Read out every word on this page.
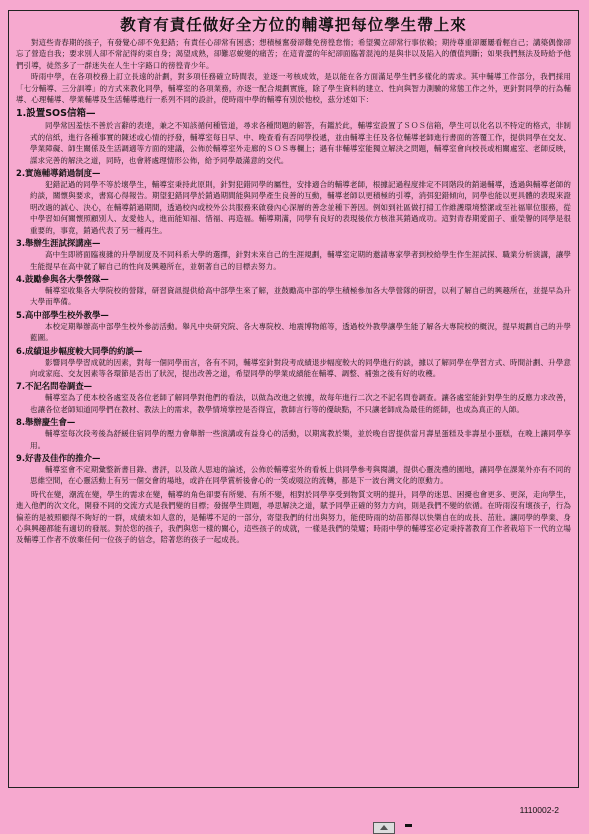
教育有責任做好全方位的輔導把每位學生帶上來

對這些青春期的孩子，有發覺心卻不免犯錯；有責任心卻常有困惑；想積極奮發卻難免徬徨怠惰；希望獨立卻常行事依賴；期待尊重卻屢屢看輕自己；講築偶像卻忘了營造自我；要求別人卻不常記得約束自身；渴望成熟，卻難忍蛻變的痛苦；在這青澀的年紀卻面臨著混沌的是與非以及陷入的價值判斷；如果我們無法及時給予他們引導，徒然多了一群迷失在人生十字路口的徬徨青少年。

時雨中學，在各項校務上訂立長遠的計劃，對多項任務確立時間表，並逐一考核成效，是以能在各方面滿足學生們多樣化的需求。其中輔導工作部分，我們採用「七分輔導、三分訓導」的方式來教化同學，輔導室的各項業務，亦逐一配合規劃實施，除了學生資料的建立、性向與智力測驗的常態工作之外，更針對同學的行為輔導、心理輔導、學業輔導及生活輔導進行一系列不同的設計，使時雨中學的輔導有別於他校，茲分述如下：

1.設置SOS信箱—

同學常因羞怯不善於言辭的表達，兼之不知該循何種管道，尋求各種問題的解答，有鑑於此，輔導室設置了ＳＯＳ信箱，學生可以化名以不特定的格式，非制式的信紙，進行各種事實的陳述或心情的抒發，輔導室每日早、中、晚查看有否同學投遞，並由輔導主任及各位輔導老師進行書面的答覆工作，提供同學在交友、學業障礙、師生關係及生活調適等方面的建議，公佈於輔導室外走廊的ＳＯＳ專欄上；遇有非輔導室能獨立解決之問題，輔導室會向校長或相關處室、老師反映，謀求完善的解決之道，同時，也會將處理情形公佈，給予同學最滿意的交代。

2.實施輔導銷過制度—

犯錯記過的同學不等於壞學生，輔導室秉持此原則，針對犯錯同學的屬性，安排適合的輔導老師，根據記過程度排定不同階段的銷過輔導，透過與輔導老師的約談，關懷與要求，書寫心得報告。期望犯錯同學於銷過期間能與同學產生良善的互動，輔導老師以更積極的引導，消弭犯錯傾向，同學也能以更具體的表現來證明改過的誠心、決心，在輔導銷過期間，透過校內或校外公共服務來啟發內心深層的善念並種下善因。例如到社區做打掃工作維護環境整潔或至社福單位服務，從中學習如何關懷照顧別人、友愛他人，進而能知福、惜福、再造福。輔導期滿，同學有良好的表現後依方核准其銷過成功。這對青春期愛面子、重榮譽的同學是很重要的，事竟，銷過代表了另一種再生。

3.舉辦生涯試探講座—

高中生即將面臨複雜的升學制度及不同科系大學的選擇，針對未來自己的生涯規劃，輔導室定期的邀請專家學者到校給學生作生涯試探、職業分析演講，讓學生能提早在高中就了解自己的性向及興趣所在，並朝著自己的目標去努力。

4.鼓勵參與各大學營隊—

輔導室收集各大學院校的營隊，研習資訊提供給高中部學生來了解，並鼓勵高中部的學生積極參加各大學營隊的研習，以利了解自己的興趣所在，並提早為升大學而準備。

5.高中部學生校外教學—

本校定期舉辦高中部學生校外參訪活動。舉凡中央研究院、各大專院校、地震博物館等，透過校外教學讓學生能了解各大專院校的概況，提早規劃自己的升學藍圖。

6.成績退步幅度較大同學的約談—

影響同學學習成就的因素，對每一個同學而言，各有不同，輔導室針對段考成績退步幅度較大的同學進行約談，據以了解同學在學習方式、時間計劃、升學意向或家庭、交友因素等各環節是否出了狀況，提出改善之道，希望同學的學業成績能在輔導、調整、補強之後有好的收穫。

7.不記名問卷調查—

輔導室為了使本校各處室及各位老師了解同學對他們的看法，以做為改進之依據，故每年進行二次之不記名問卷調查。讓各處室能針對學生的反應力求改善，也讓各位老師知道同學們在教材、教法上的需求，教學情境掌控是否得宜，教師言行等的優缺點，不只讓老師成為最佳的經師，也成為真正的人師。

8.舉辦慶生會—

輔導室每次段考後為舒緩住宿同學的壓力會舉辦一些演講或有益身心的活動，以期寓教於樂，並於晚自習提供當月壽星蛋糕及非壽星小蛋糕，在晚上讓同學享用。

9.好書及佳作的推介—

輔導室會不定期彙整新書目錄、書評，以及啟人思迪的論述，公佈於輔導室外的看板上供同學參考與閱讀，提供心靈洗禮的園地，讓同學在課業外亦有不同的思維空間，在心靈活動上有另一個交會的場地，或許在同學賞析後會心的一笑或啜泣的流轉，都是下一波台灣文化的原動力。

時代在變，潮流在變，學生的需求在變，輔導的角色卻要有所變、有所不變，相對於同學享受到物質文明的提升，同學的迷思、困擾也會更多、更深，走向學生，進入他們的次文化，開發不同的交流方式是我們變的目標；發掘學生問題，尋思解決之道，賦予同學正確的努力方向，則是我們不變的依循。在時雨沒有壞孩子，行為偏差的是被照顧得不夠好的一群，成績未如人意的，是輔導不足的一部分，寄望我們的付出與努力，能使時雨的幼苗都得以快樂自在的成長、茁壯。讓同學的學業、身心與興趣都能有適切的發展。對於您的孩子，我們與您一樣的關心，這些孩子的成就，一樣是我們的榮耀；時雨中學的輔導室必定秉持著教育工作者栽培下一代的立場及輔導工作者不放棄任何一位孩子的信念，陪著您的孩子一起成長。

1110002-2
